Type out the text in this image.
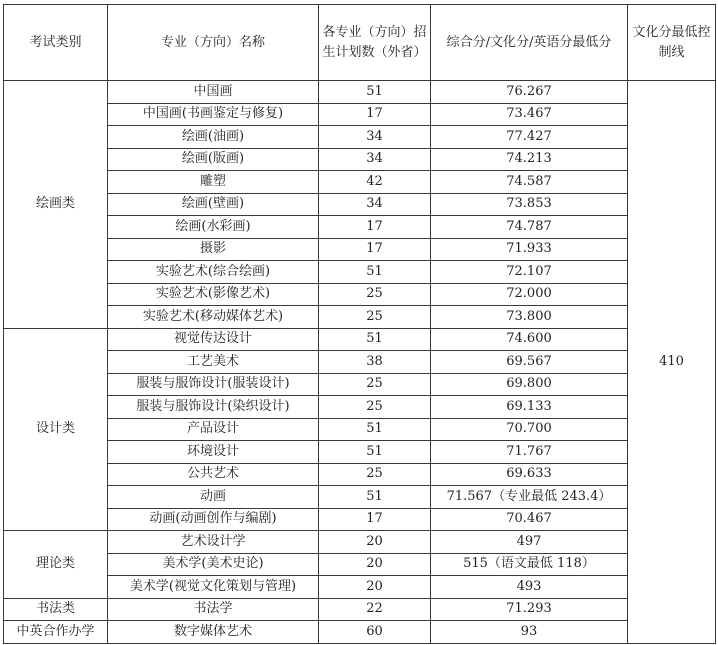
考试类别	专业（方向）名称	各专业（方向）招生计划数（外省）	综合分/文化分/英语分最低分	文化分最低控制线
绘画类	中国画	51	76.267	410
	中国画(书画鉴定与修复)	17	73.467	
	绘画(油画)	34	77.427	
	绘画(版画)	34	74.213	
	雕塑	42	74.587	
	绘画(壁画)	34	73.853	
	绘画(水彩画)	17	74.787	
	摄影	17	71.933	
	实验艺术(综合绘画)	51	72.107	
	实验艺术(影像艺术)	25	72.000	
	实验艺术(移动媒体艺术)	25	73.800	
设计类	视觉传达设计	51	74.600	
	工艺美术	38	69.567	
	服装与服饰设计(服装设计)	25	69.800	
	服装与服饰设计(染织设计)	25	69.133	
	产品设计	51	70.700	
	环境设计	51	71.767	
	公共艺术	25	69.633	
	动画	51	71.567（专业最低 243.4）	
	动画(动画创作与编剧)	17	70.467	
理论类	艺术设计学	20	497	
	美术学(美术史论)	20	515（语文最低 118）	
	美术学(视觉文化策划与管理)	20	493	
书法类	书法学	22	71.293	
中英合作办学	数字媒体艺术	60	93	
